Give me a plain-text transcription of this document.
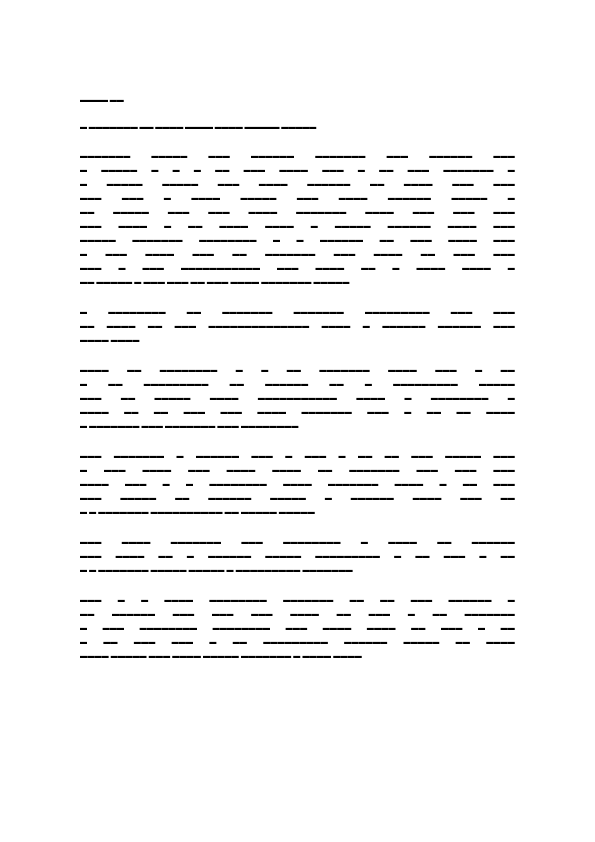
▬▬▬▬ ▬▬
▬ ▬▬▬▬▬▬▬ ▬▬ ▬▬▬▬ ▬▬▬▬ ▬▬▬▬ ▬▬▬▬▬ ▬▬▬▬▬
▬▬▬▬▬▬▬ ▬▬▬▬▬ ▬▬▬ ▬▬▬▬▬▬ ▬▬▬▬▬▬▬ ▬▬▬ ▬▬▬▬▬▬ ▬▬▬
▬ ▬▬▬▬▬ ▬ ▬ ▬ ▬▬ ▬▬▬ ▬▬▬▬ ▬▬▬ ▬ ▬▬ ▬▬▬ ▬▬▬▬▬▬▬ ▬
▬ ▬▬▬▬▬ ▬▬▬▬▬ ▬▬▬ ▬▬▬▬ ▬▬▬▬▬▬ ▬▬ ▬▬▬▬ ▬▬▬ ▬▬▬
▬▬▬ ▬▬▬ ▬ ▬▬▬▬ ▬▬▬▬▬ ▬▬▬ ▬▬▬▬ ▬▬▬▬▬▬ ▬▬▬▬▬ ▬
▬▬ ▬▬▬▬▬ ▬▬▬ ▬▬▬ ▬▬▬▬ ▬▬▬▬▬▬▬ ▬▬▬▬ ▬▬▬ ▬▬▬ ▬▬▬
▬▬▬ ▬▬▬▬ ▬ ▬▬ ▬▬▬▬ ▬▬▬▬ ▬ ▬▬▬▬▬ ▬▬▬▬▬▬ ▬▬▬▬ ▬▬▬
▬▬▬▬▬ ▬▬▬▬▬▬▬ ▬▬▬▬▬▬▬▬ ▬ ▬ ▬▬▬▬▬▬ ▬▬ ▬▬▬ ▬▬▬▬ ▬▬▬
▬ ▬▬▬ ▬▬▬▬ ▬▬▬ ▬▬ ▬▬▬▬▬▬▬ ▬▬▬ ▬▬▬▬ ▬▬ ▬▬▬ ▬▬▬
▬▬▬ ▬ ▬▬▬ ▬▬▬▬▬▬▬▬▬▬▬ ▬▬▬ ▬▬▬▬ ▬▬ ▬ ▬▬▬▬ ▬▬▬▬ ▬
▬▬ ▬▬▬▬▬ ▬ ▬▬▬ ▬▬▬ ▬▬ ▬▬▬ ▬▬▬▬ ▬▬▬▬▬▬▬ ▬▬▬▬▬
▬ ▬▬▬▬▬▬▬▬ ▬▬ ▬▬▬▬▬▬▬ ▬▬▬▬▬▬▬ ▬▬▬▬▬▬▬▬▬ ▬▬▬ ▬▬▬
▬▬ ▬▬▬▬ ▬▬ ▬▬▬ ▬▬▬▬▬▬▬▬▬▬▬▬▬▬ ▬▬▬▬ ▬ ▬▬▬▬▬▬ ▬▬▬▬▬▬ ▬▬▬
▬▬▬▬ ▬▬▬▬
▬▬▬▬ ▬▬ ▬▬▬▬▬▬▬▬ ▬ ▬ ▬▬ ▬▬▬▬▬▬▬ ▬▬▬▬ ▬▬▬ ▬ ▬▬
▬ ▬▬ ▬▬▬▬▬▬▬▬▬ ▬▬ ▬▬▬▬▬▬ ▬▬ ▬ ▬▬▬▬▬▬▬▬▬ ▬▬▬▬▬
▬▬▬ ▬▬ ▬▬▬▬▬ ▬▬▬▬ ▬▬▬▬▬▬▬▬▬▬▬ ▬▬▬▬ ▬ ▬▬▬▬▬▬▬▬ ▬
▬▬▬▬ ▬▬ ▬▬ ▬▬▬ ▬▬▬ ▬▬▬▬ ▬▬▬▬▬▬▬ ▬▬▬ ▬ ▬▬ ▬▬ ▬▬▬▬
▬ ▬▬▬▬▬▬▬ ▬▬▬ ▬▬▬▬▬▬▬ ▬▬▬ ▬▬▬▬▬▬▬▬
▬▬▬ ▬▬▬▬▬▬▬ ▬ ▬▬▬▬▬▬ ▬▬▬ ▬ ▬▬▬ ▬ ▬▬ ▬▬ ▬▬▬ ▬▬▬▬▬ ▬▬▬
▬ ▬▬▬ ▬▬▬▬ ▬▬▬ ▬▬▬▬ ▬▬▬▬ ▬▬ ▬▬▬▬▬▬▬ ▬▬▬ ▬▬▬ ▬▬▬
▬▬▬▬ ▬▬▬ ▬ ▬ ▬▬▬▬▬▬▬▬ ▬▬▬▬ ▬▬▬▬▬▬▬ ▬▬▬▬ ▬ ▬▬ ▬▬▬
▬▬▬ ▬▬▬▬▬ ▬▬ ▬▬▬▬▬▬ ▬▬▬▬▬ ▬ ▬▬▬▬▬▬ ▬▬▬▬ ▬▬▬ ▬▬
▬ ▬ ▬▬▬▬▬▬▬ ▬▬▬▬▬▬▬▬▬▬ ▬▬ ▬▬▬▬▬ ▬▬▬▬▬
▬▬▬ ▬▬▬▬ ▬▬▬▬▬▬▬ ▬▬▬ ▬▬▬▬▬▬▬▬ ▬ ▬▬▬▬ ▬▬ ▬▬▬▬▬▬
▬▬▬ ▬▬▬▬ ▬▬ ▬ ▬▬▬▬▬▬ ▬▬▬▬▬ ▬▬▬▬▬▬▬▬▬ ▬ ▬▬ ▬▬▬ ▬ ▬▬
▬ ▬ ▬▬▬▬▬▬▬ ▬▬▬▬▬ ▬▬▬▬▬ ▬ ▬▬▬▬▬▬▬▬▬ ▬▬▬▬▬▬▬
▬▬▬ ▬ ▬ ▬▬▬▬ ▬▬▬▬▬▬▬▬ ▬▬▬▬▬▬▬ ▬▬ ▬▬ ▬▬▬ ▬▬▬▬▬▬ ▬
▬▬ ▬▬▬▬▬▬ ▬▬▬ ▬▬▬ ▬▬▬ ▬▬▬▬ ▬▬ ▬▬▬ ▬ ▬▬ ▬▬▬▬▬▬▬
▬ ▬▬▬ ▬▬▬▬▬▬▬▬ ▬▬▬▬▬▬▬▬ ▬▬▬ ▬▬▬▬ ▬▬▬▬ ▬▬ ▬▬▬ ▬ ▬▬
▬ ▬▬ ▬▬▬ ▬▬▬ ▬ ▬▬ ▬▬▬▬▬▬▬▬▬ ▬▬▬▬▬▬ ▬▬▬▬▬ ▬▬ ▬▬▬▬
▬▬▬▬ ▬▬▬▬▬ ▬▬▬ ▬▬▬▬ ▬▬▬▬▬ ▬▬▬▬▬▬▬ ▬ ▬▬▬▬ ▬▬▬▬
